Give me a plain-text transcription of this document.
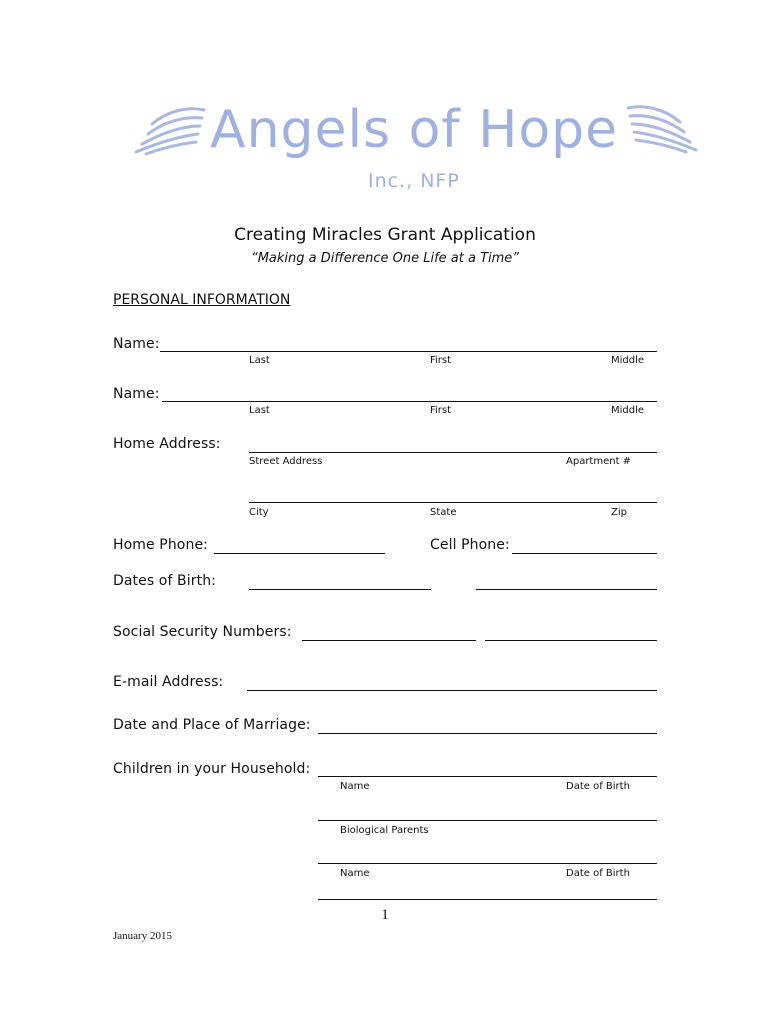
Angels of Hope
Inc., NFP
Creating Miracles Grant Application
“Making a Difference One Life at a Time”
PERSONAL INFORMATION
Name:
Last	First	Middle
Name:
Last	First	Middle
Home Address:
Street Address	Apartment #
City	State	Zip
Home Phone:	Cell Phone:
Dates of Birth:
Social Security Numbers:
E-mail Address:
Date and Place of Marriage:
Children in your Household:
Name	Date of Birth
Biological Parents
Name	Date of Birth
1
January 2015
